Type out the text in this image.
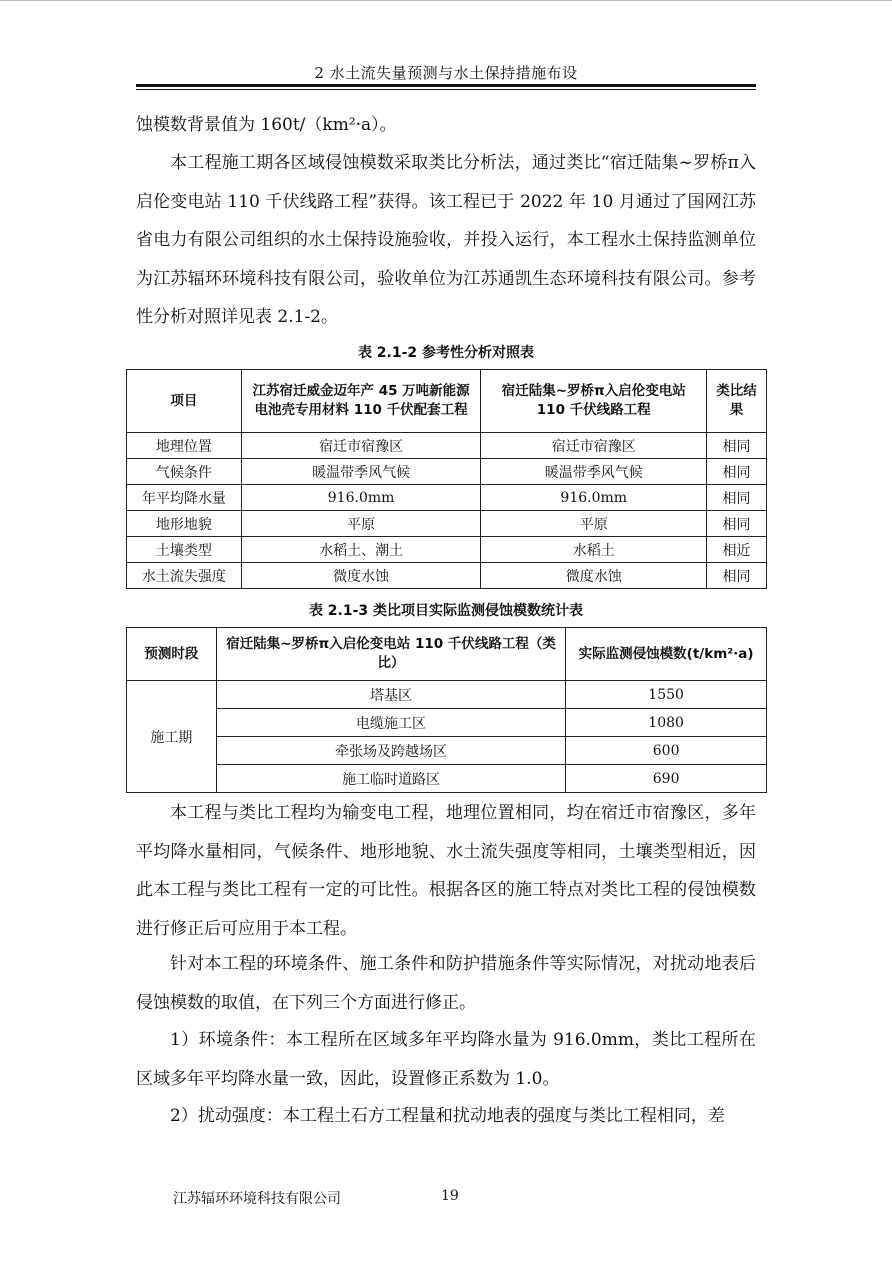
2 水土流失量预测与水土保持措施布设

蚀模数背景值为 160t/（km²·a）。

本工程施工期各区域侵蚀模数采取类比分析法，通过类比“宿迁陆集~罗桥π入启伦变电站 110 千伏线路工程”获得。该工程已于 2022 年 10 月通过了国网江苏省电力有限公司组织的水土保持设施验收，并投入运行，本工程水土保持监测单位为江苏辐环环境科技有限公司，验收单位为江苏通凯生态环境科技有限公司。参考性分析对照详见表 2.1-2。

表 2.1-2 参考性分析对照表
项目	江苏宿迁威金迈年产 45 万吨新能源电池壳专用材料 110 千伏配套工程	宿迁陆集~罗桥π入启伦变电站 110 千伏线路工程	类比结果
地理位置	宿迁市宿豫区	宿迁市宿豫区	相同
气候条件	暖温带季风气候	暖温带季风气候	相同
年平均降水量	916.0mm	916.0mm	相同
地形地貌	平原	平原	相同
土壤类型	水稻土、潮土	水稻土	相近
水土流失强度	微度水蚀	微度水蚀	相同
表 2.1-3 类比项目实际监测侵蚀模数统计表
预测时段	宿迁陆集~罗桥π入启伦变电站 110 千伏线路工程（类比）	实际监测侵蚀模数(t/km²·a)
施工期	塔基区	1550
	电缆施工区	1080
	牵张场及跨越场区	600
	施工临时道路区	690

本工程与类比工程均为输变电工程，地理位置相同，均在宿迁市宿豫区，多年平均降水量相同，气候条件、地形地貌、水土流失强度等相同，土壤类型相近，因此本工程与类比工程有一定的可比性。根据各区的施工特点对类比工程的侵蚀模数进行修正后可应用于本工程。

针对本工程的环境条件、施工条件和防护措施条件等实际情况，对扰动地表后侵蚀模数的取值，在下列三个方面进行修正。

1）环境条件：本工程所在区域多年平均降水量为 916.0mm，类比工程所在区域多年平均降水量一致，因此，设置修正系数为 1.0。

2）扰动强度：本工程土石方工程量和扰动地表的强度与类比工程相同，差

江苏辐环环境科技有限公司	19
